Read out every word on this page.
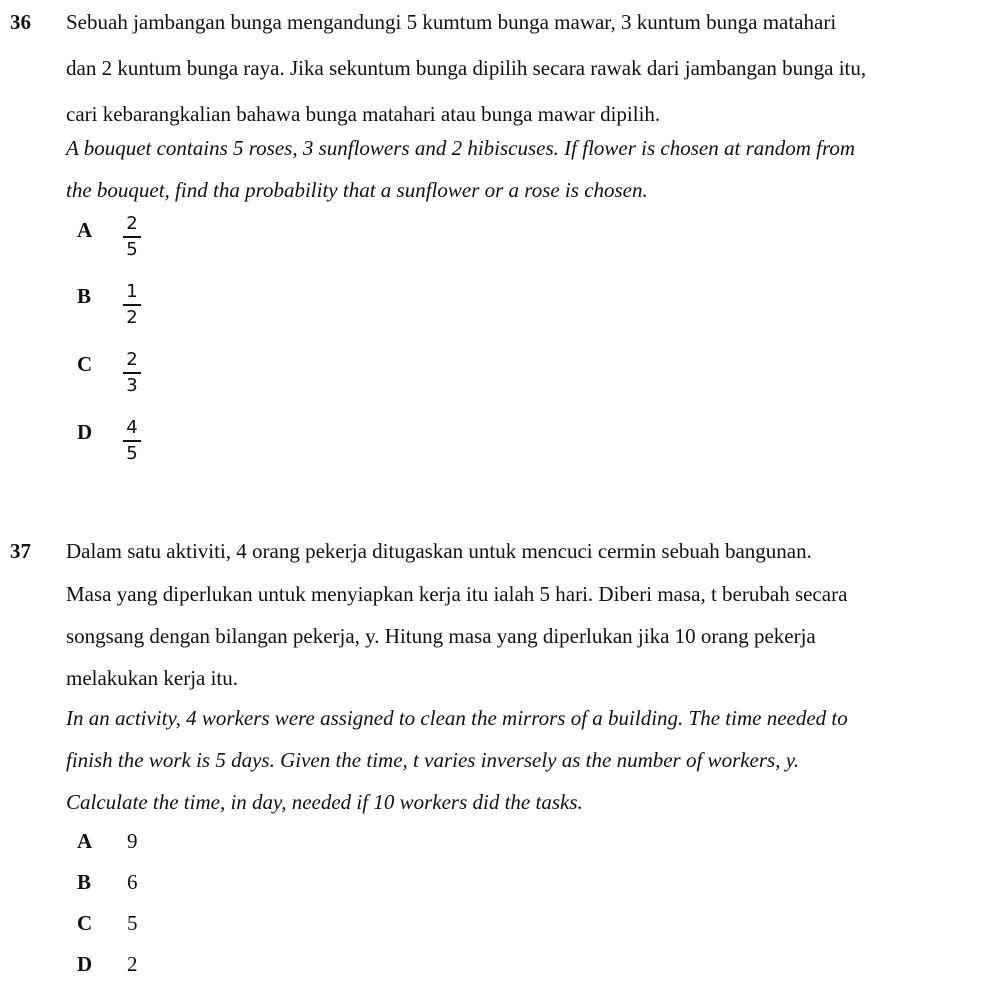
36 Sebuah jambangan bunga mengandungi 5 kumtum bunga mawar, 3 kuntum bunga matahari
dan 2 kuntum bunga raya. Jika sekuntum bunga dipilih secara rawak dari jambangan bunga itu,
cari kebarangkalian bahawa bunga matahari atau bunga mawar dipilih.
A bouquet contains 5 roses, 3 sunflowers and 2 hibiscuses. If flower is chosen at random from
the bouquet, find tha probability that a sunflower or a rose is chosen.
A 2
5
B 1
2
C 2
3
D 4
5
37 Dalam satu aktiviti, 4 orang pekerja ditugaskan untuk mencuci cermin sebuah bangunan.
Masa yang diperlukan untuk menyiapkan kerja itu ialah 5 hari. Diberi masa, t berubah secara
songsang dengan bilangan pekerja, y. Hitung masa yang diperlukan jika 10 orang pekerja
melakukan kerja itu.
In an activity, 4 workers were assigned to clean the mirrors of a building. The time needed to
finish the work is 5 days. Given the time, t varies inversely as the number of workers, y.
Calculate the time, in day, needed if 10 workers did the tasks.
A 9
B 6
C 5
D 2
